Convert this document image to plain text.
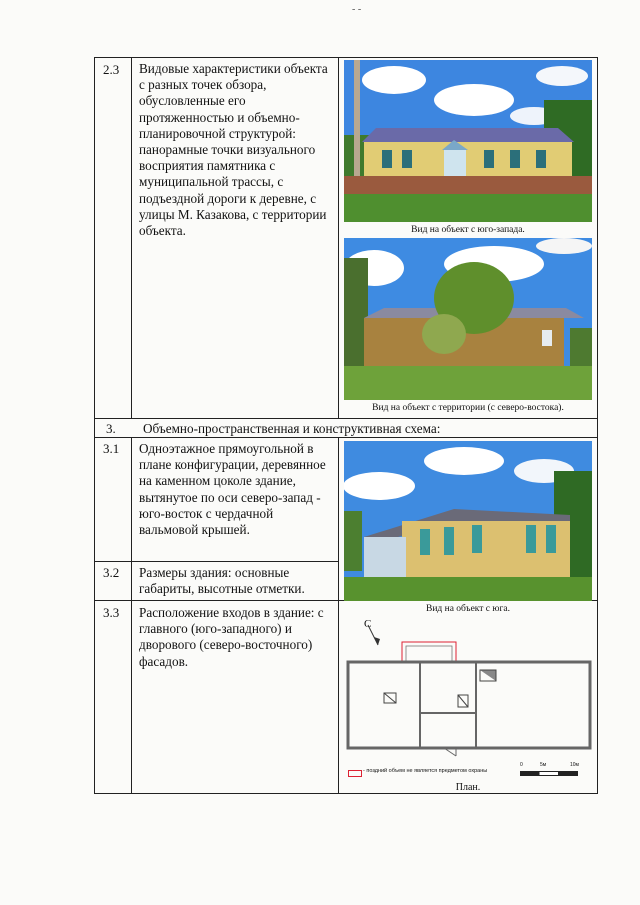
- -
2.3 Видовые характеристики объекта с разных точек обзора, обусловленные его протяженностью и объемно-планировочной структурой: панорамные точки визуального восприятия памятника с муниципальной трассы, с подъездной дороги к деревне, с улицы М. Казакова, с территории объекта.
3. Объемно-пространственная и конструктивная схема:
3.1 Одноэтажное прямоугольной в плане конфигурации, деревянное на каменном цоколе здание, вытянутое по оси северо-запад - юго-восток с чердачной вальмовой крышей.
3.2 Размеры здания: основные габариты, высотные отметки.
3.3 Расположение входов в здание: с главного (юго-западного) и дворового (северо-восточного) фасадов.
Вид на объект с юго-запада.
Вид на объект с территории (с северо-востока).
Вид на объект с юга.
С
- поздний объем не является предметом охраны
0	5м	10м
План.
